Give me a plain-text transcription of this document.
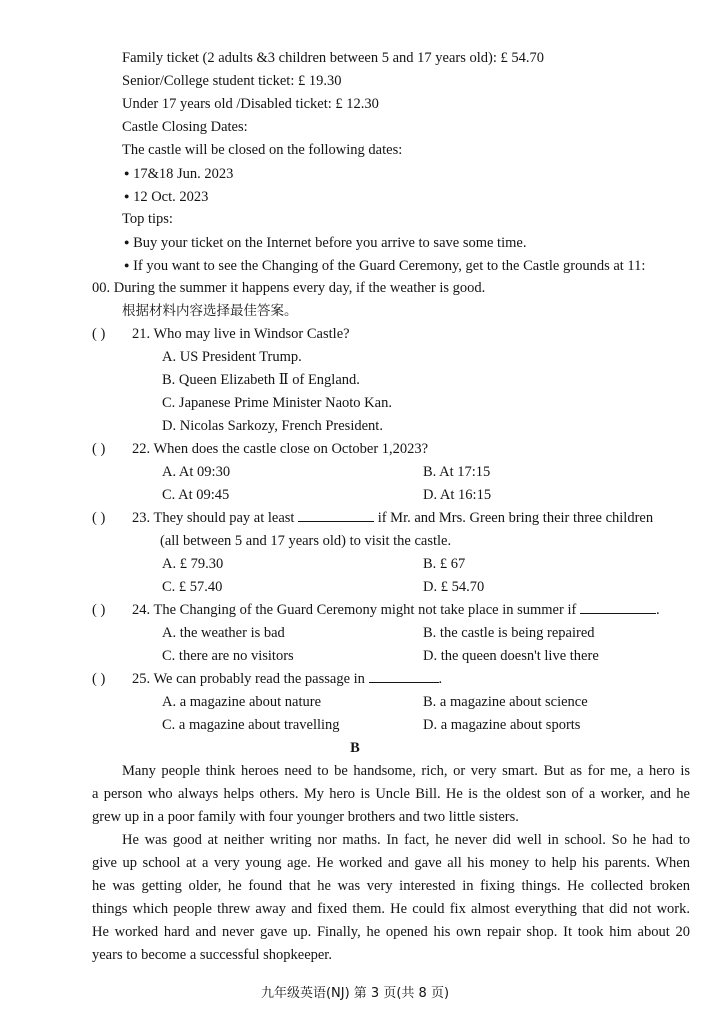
Family ticket (2 adults &3 children between 5 and 17 years old): £ 54.70
Senior/College student ticket: £ 19.30
Under 17 years old /Disabled ticket: £ 12.30
Castle Closing Dates:
The castle will be closed on the following dates:
● 17&18 Jun. 2023
● 12 Oct. 2023
Top tips:
● Buy your ticket on the Internet before you arrive to save some time.
● If you want to see the Changing of the Guard Ceremony, get to the Castle grounds at 11:
00. During the summer it happens every day, if the weather is good.
根据材料内容选择最佳答案。
( ) 21. Who may live in Windsor Castle?
A. US President Trump.
B. Queen Elizabeth Ⅱ of England.
C. Japanese Prime Minister Naoto Kan.
D. Nicolas Sarkozy, French President.
( ) 22. When does the castle close on October 1,2023?
A. At 09:30	B. At 17:15
C. At 09:45	D. At 16:15
( ) 23. They should pay at least	if Mr. and Mrs. Green bring their three children
(all between 5 and 17 years old) to visit the castle.
A. £ 79.30	B. £ 67
C. £ 57.40	D. £ 54.70
( ) 24. The Changing of the Guard Ceremony might not take place in summer if	.
A. the weather is bad	B. the castle is being repaired
C. there are no visitors	D. the queen doesn't live there
( ) 25. We can probably read the passage in	.
A. a magazine about nature	B. a magazine about science
C. a magazine about travelling	D. a magazine about sports
B
Many people think heroes need to be handsome, rich, or very smart. But as for me, a hero is
a person who always helps others. My hero is Uncle Bill. He is the oldest son of a worker, and he
grew up in a poor family with four younger brothers and two little sisters.
He was good at neither writing nor maths. In fact, he never did well in school. So he had to
give up school at a very young age. He worked and gave all his money to help his parents. When
he was getting older, he found that he was very interested in fixing things. He collected broken
things which people threw away and fixed them. He could fix almost everything that did not work.
He worked hard and never gave up. Finally, he opened his own repair shop. It took him about 20
years to become a successful shopkeeper.
九年级英语(NJ) 第 3 页(共 8 页)
